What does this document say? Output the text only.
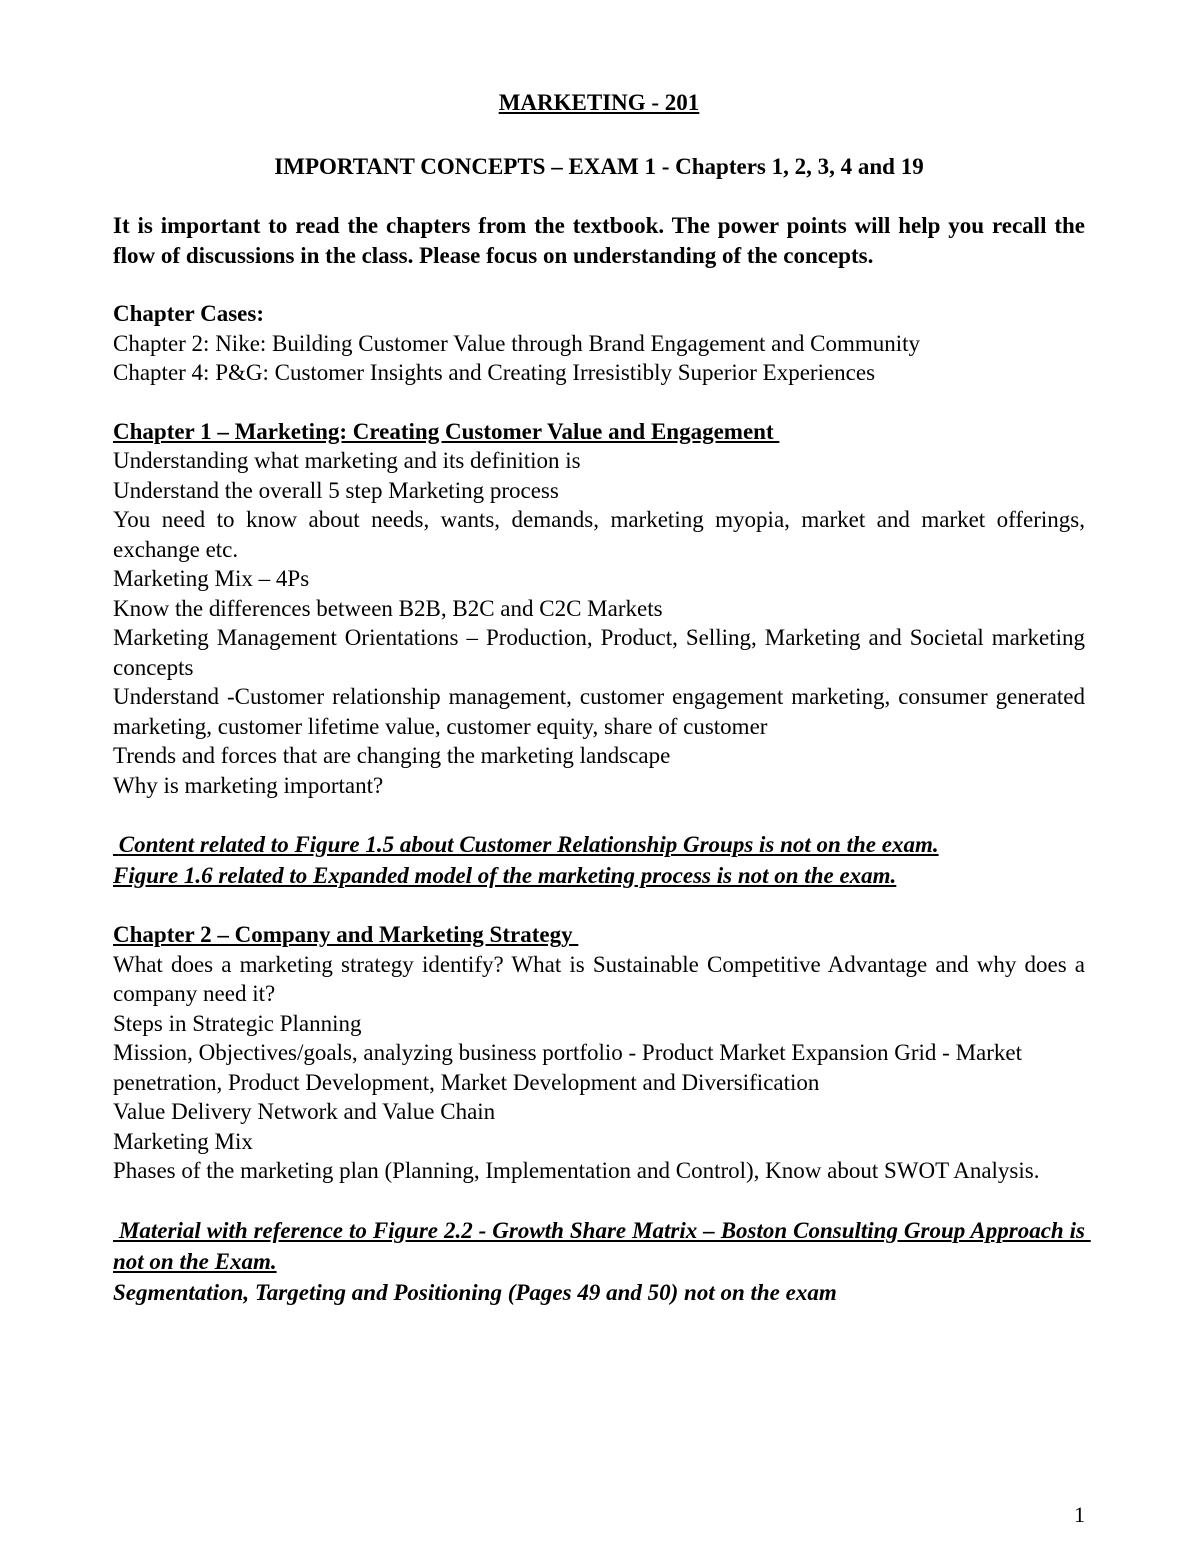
MARKETING - 201
IMPORTANT CONCEPTS – EXAM 1 - Chapters 1, 2, 3, 4 and 19
It is important to read the chapters from the textbook. The power points will help you recall the flow of discussions in the class. Please focus on understanding of the concepts.
Chapter Cases:
Chapter 2: Nike: Building Customer Value through Brand Engagement and Community
Chapter 4: P&G: Customer Insights and Creating Irresistibly Superior Experiences
Chapter 1 – Marketing: Creating Customer Value and Engagement
Understanding what marketing and its definition is
Understand the overall 5 step Marketing process
You need to know about needs, wants, demands, marketing myopia, market and market offerings, exchange etc.
Marketing Mix – 4Ps
Know the differences between B2B, B2C and C2C Markets
Marketing Management Orientations – Production, Product, Selling, Marketing and Societal marketing concepts
Understand -Customer relationship management, customer engagement marketing, consumer generated marketing, customer lifetime value, customer equity, share of customer
Trends and forces that are changing the marketing landscape
Why is marketing important?
Content related to Figure 1.5 about Customer Relationship Groups is not on the exam.
Figure 1.6 related to Expanded model of the marketing process is not on the exam.
Chapter 2 – Company and Marketing Strategy
What does a marketing strategy identify? What is Sustainable Competitive Advantage and why does a company need it?
Steps in Strategic Planning
Mission, Objectives/goals, analyzing business portfolio - Product Market Expansion Grid - Market penetration, Product Development, Market Development and Diversification
Value Delivery Network and Value Chain
Marketing Mix
Phases of the marketing plan (Planning, Implementation and Control), Know about SWOT Analysis.
Material with reference to Figure 2.2 - Growth Share Matrix – Boston Consulting Group Approach is not on the Exam.
Segmentation, Targeting and Positioning (Pages 49 and 50) not on the exam
1
